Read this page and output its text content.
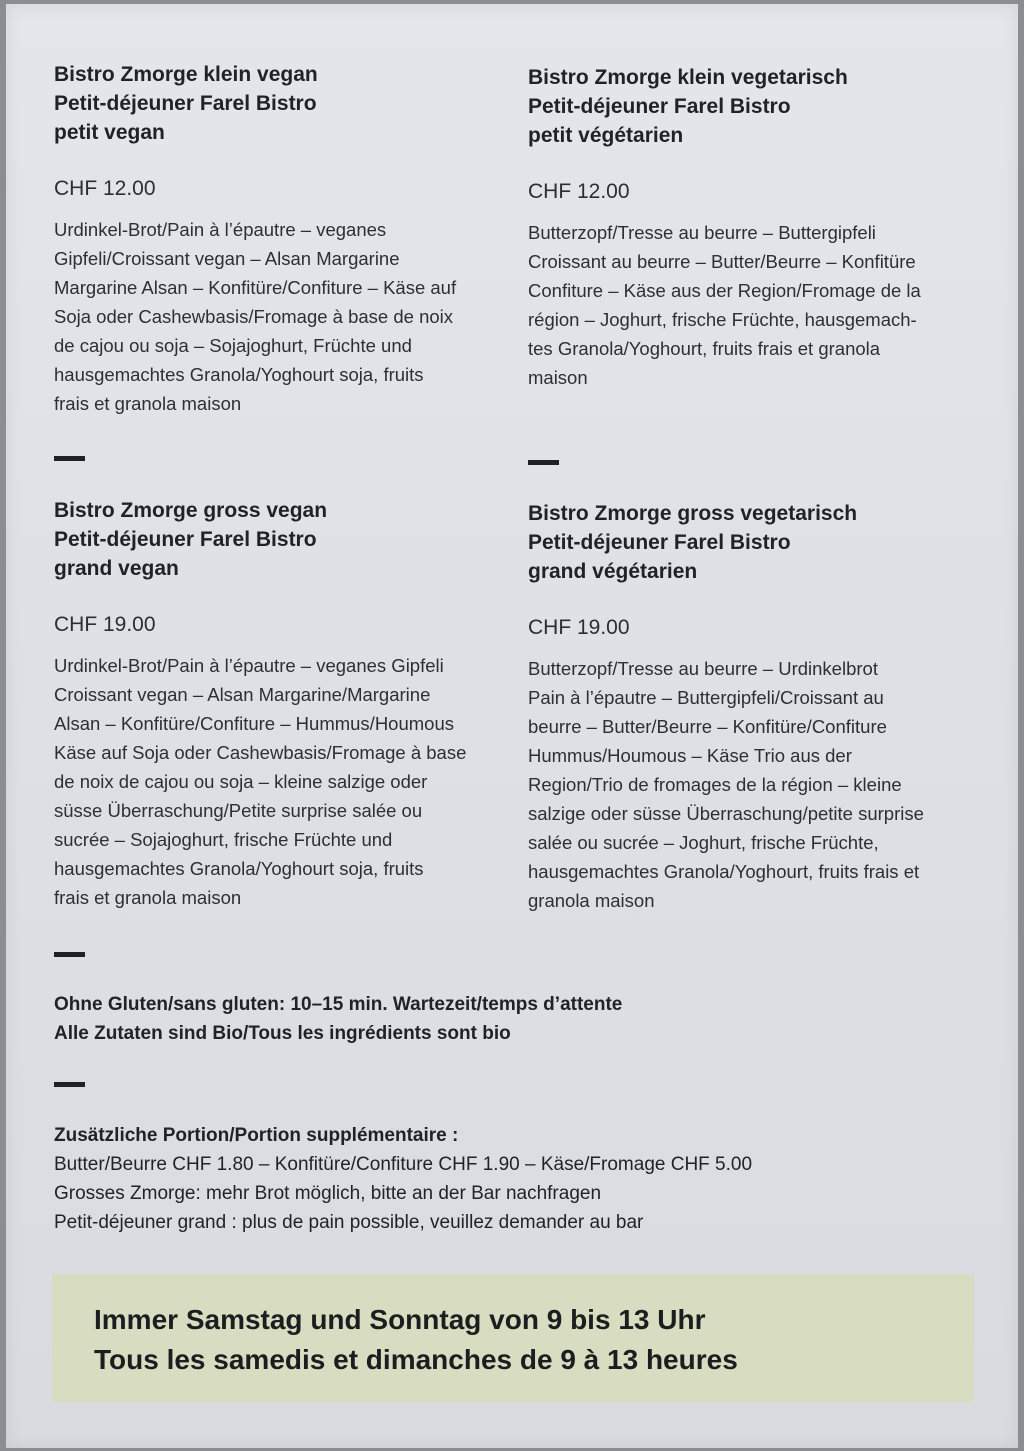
Bistro Zmorge klein vegan
Petit-déjeuner Farel Bistro
petit vegan

CHF 12.00

Urdinkel-Brot/Pain à l’épautre – veganes
Gipfeli/Croissant vegan – Alsan Margarine
Margarine Alsan – Konfitüre/Confiture – Käse auf
Soja oder Cashewbasis/Fromage à base de noix
de cajou ou soja – Sojajoghurt, Früchte und
hausgemachtes Granola/Yoghourt soja, fruits
frais et granola maison
Bistro Zmorge klein vegetarisch
Petit-déjeuner Farel Bistro
petit végétarien

CHF 12.00

Butterzopf/Tresse au beurre – Buttergipfeli
Croissant au beurre – Butter/Beurre – Konfitüre
Confiture – Käse aus der Region/Fromage de la
région – Joghurt, frische Früchte, hausgemach-
tes Granola/Yoghourt, fruits frais et granola
maison
Bistro Zmorge gross vegan
Petit-déjeuner Farel Bistro
grand vegan

CHF 19.00

Urdinkel-Brot/Pain à l’épautre – veganes Gipfeli
Croissant vegan – Alsan Margarine/Margarine
Alsan – Konfitüre/Confiture – Hummus/Houmous
Käse auf Soja oder Cashewbasis/Fromage à base
de noix de cajou ou soja – kleine salzige oder
süsse Überraschung/Petite surprise salée ou
sucrée – Sojajoghurt, frische Früchte und
hausgemachtes Granola/Yoghourt soja, fruits
frais et granola maison
Bistro Zmorge gross vegetarisch
Petit-déjeuner Farel Bistro
grand végétarien

CHF 19.00

Butterzopf/Tresse au beurre – Urdinkelbrot
Pain à l’épautre – Buttergipfeli/Croissant au
beurre – Butter/Beurre – Konfitüre/Confiture
Hummus/Houmous – Käse Trio aus der
Region/Trio de fromages de la région – kleine
salzige oder süsse Überraschung/petite surprise
salée ou sucrée – Joghurt, frische Früchte,
hausgemachtes Granola/Yoghourt, fruits frais et
granola maison
Ohne Gluten/sans gluten: 10–15 min. Wartezeit/temps d’attente
Alle Zutaten sind Bio/Tous les ingrédients sont bio
Zusätzliche Portion/Portion supplémentaire :
Butter/Beurre CHF 1.80 – Konfitüre/Confiture CHF 1.90 – Käse/Fromage CHF 5.00
Grosses Zmorge: mehr Brot möglich, bitte an der Bar nachfragen
Petit-déjeuner grand : plus de pain possible, veuillez demander au bar
Immer Samstag und Sonntag von 9 bis 13 Uhr
Tous les samedis et dimanches de 9 à 13 heures
